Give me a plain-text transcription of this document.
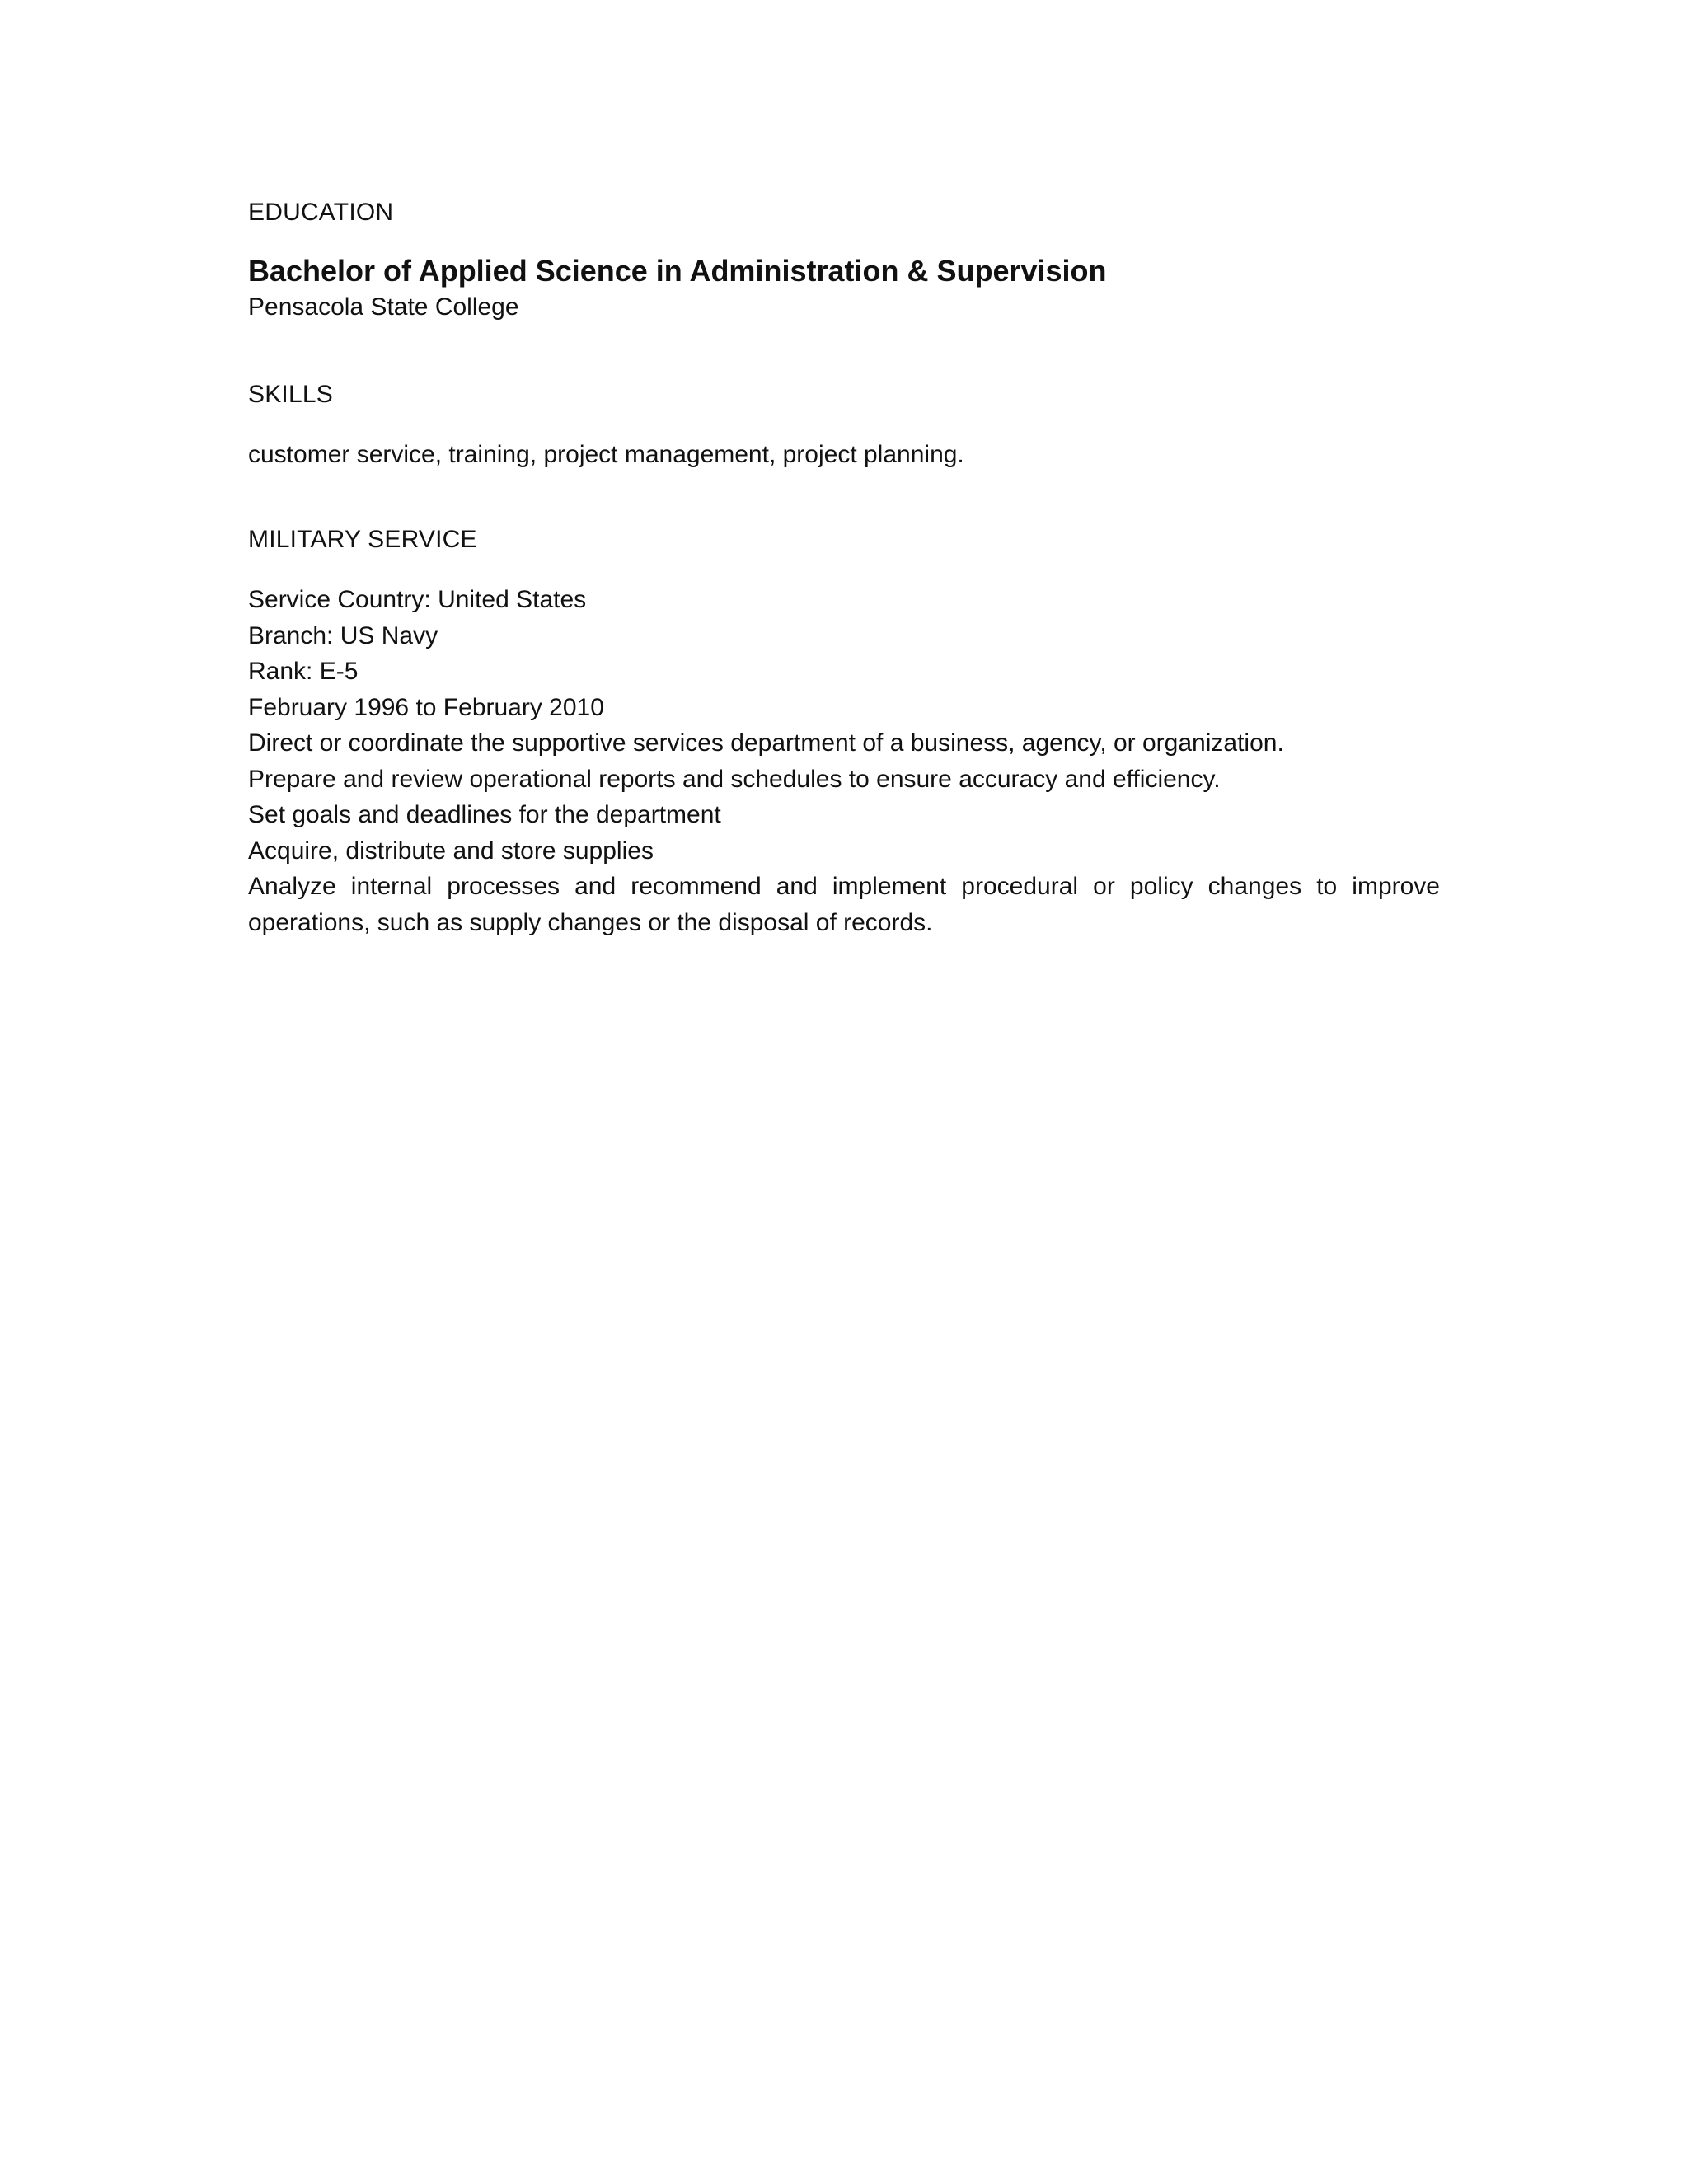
EDUCATION
Bachelor of Applied Science in Administration & Supervision
Pensacola State College
SKILLS
customer service, training, project management, project planning.
MILITARY SERVICE
Service Country: United States
Branch: US Navy
Rank: E-5
February 1996 to February 2010
Direct or coordinate the supportive services department of a business, agency, or organization.
Prepare and review operational reports and schedules to ensure accuracy and efficiency.
Set goals and deadlines for the department
Acquire, distribute and store supplies
Analyze internal processes and recommend and implement procedural or policy changes to improve operations, such as supply changes or the disposal of records.
